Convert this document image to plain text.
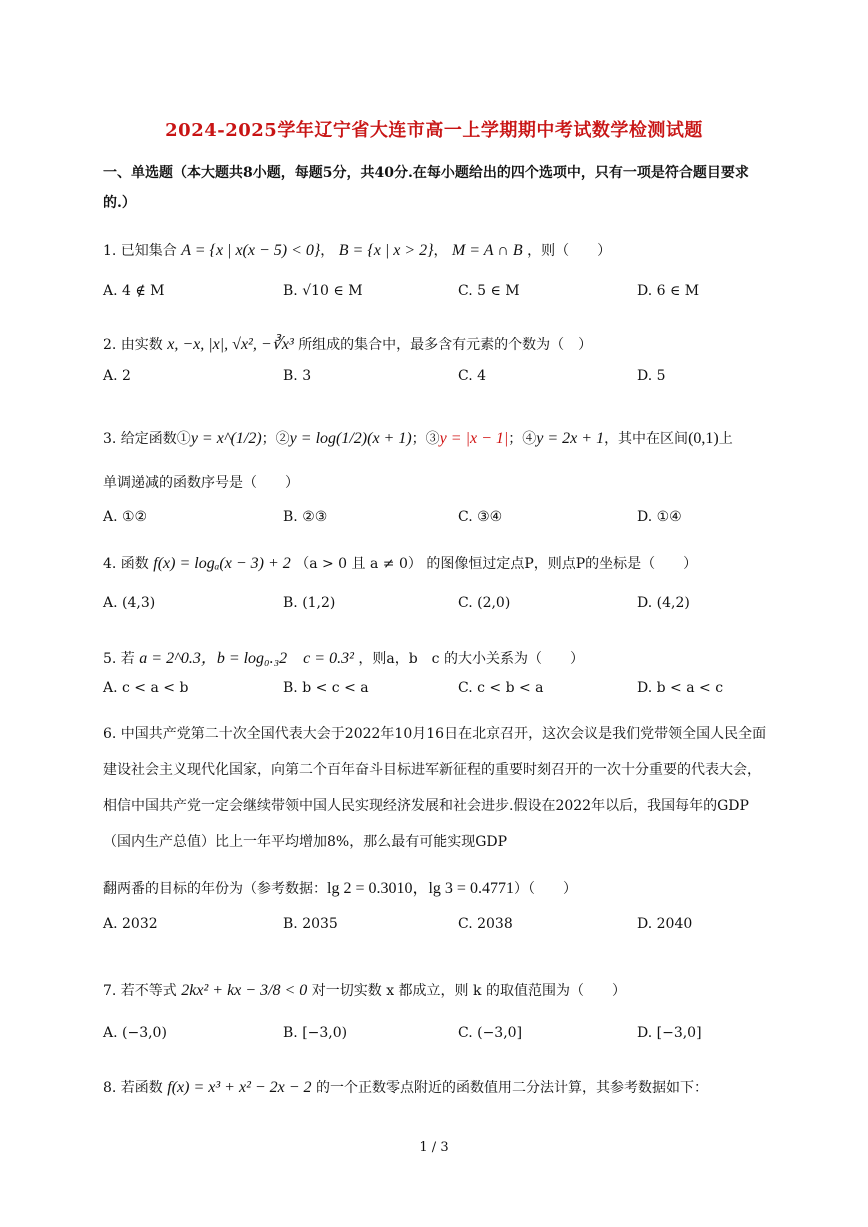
2024-2025学年辽宁省大连市高一上学期期中考试数学检测试题
一、单选题（本大题共8小题，每题5分，共40分.在每小题给出的四个选项中，只有一项是符合题目要求的.）
1. 已知集合 A = {x | x(x − 5) < 0}， B = {x | x > 2}， M = A ∩ B ，则（　　）
A. 4 ∉ M	B. √10 ∈ M	C. 5 ∈ M	D. 6 ∈ M
2. 由实数 x, −x, |x|, √x², −∛x³ 所组成的集合中，最多含有元素的个数为（　）
A. 2	B. 3	C. 4	D. 5
3. 给定函数①y = x^(1/2)；②y = log(1/2)(x + 1)；③y = |x − 1|；④y = 2x + 1，其中在区间(0,1)上
单调递减的函数序号是（　　）
A. ①②	B. ②③	C. ③④	D. ①④
4. 函数 f(x) = logₐ(x − 3) + 2 （a > 0 且 a ≠ 0） 的图像恒过定点P，则点P的坐标是（　　）
A. (4,3)	B. (1,2)	C. (2,0)	D. (4,2)
5. 若 a = 2^0.3，b = log₀.₃2　c = 0.3² ，则a，b　c 的大小关系为（　　）
A. c < a < b	B. b < c < a	C. c < b < a	D. b < a < c
6. 中国共产党第二十次全国代表大会于2022年10月16日在北京召开，这次会议是我们党带领全国人民全面建设社会主义现代化国家，向第二个百年奋斗目标进军新征程的重要时刻召开的一次十分重要的代表大会，相信中国共产党一定会继续带领中国人民实现经济发展和社会进步.假设在2022年以后，我国每年的GDP（国内生产总值）比上一年平均增加8%，那么最有可能实现GDP
翻两番的目标的年份为（参考数据：lg 2 = 0.3010，lg 3 = 0.4771）（　　）
A. 2032	B. 2035	C. 2038	D. 2040
7. 若不等式 2kx² + kx − 3/8 < 0 对一切实数 x 都成立，则 k 的取值范围为（　　）
A. (−3,0)	B. [−3,0)	C. (−3,0]	D. [−3,0]
8. 若函数 f(x) = x³ + x² − 2x − 2 的一个正数零点附近的函数值用二分法计算，其参考数据如下：
1 / 3
